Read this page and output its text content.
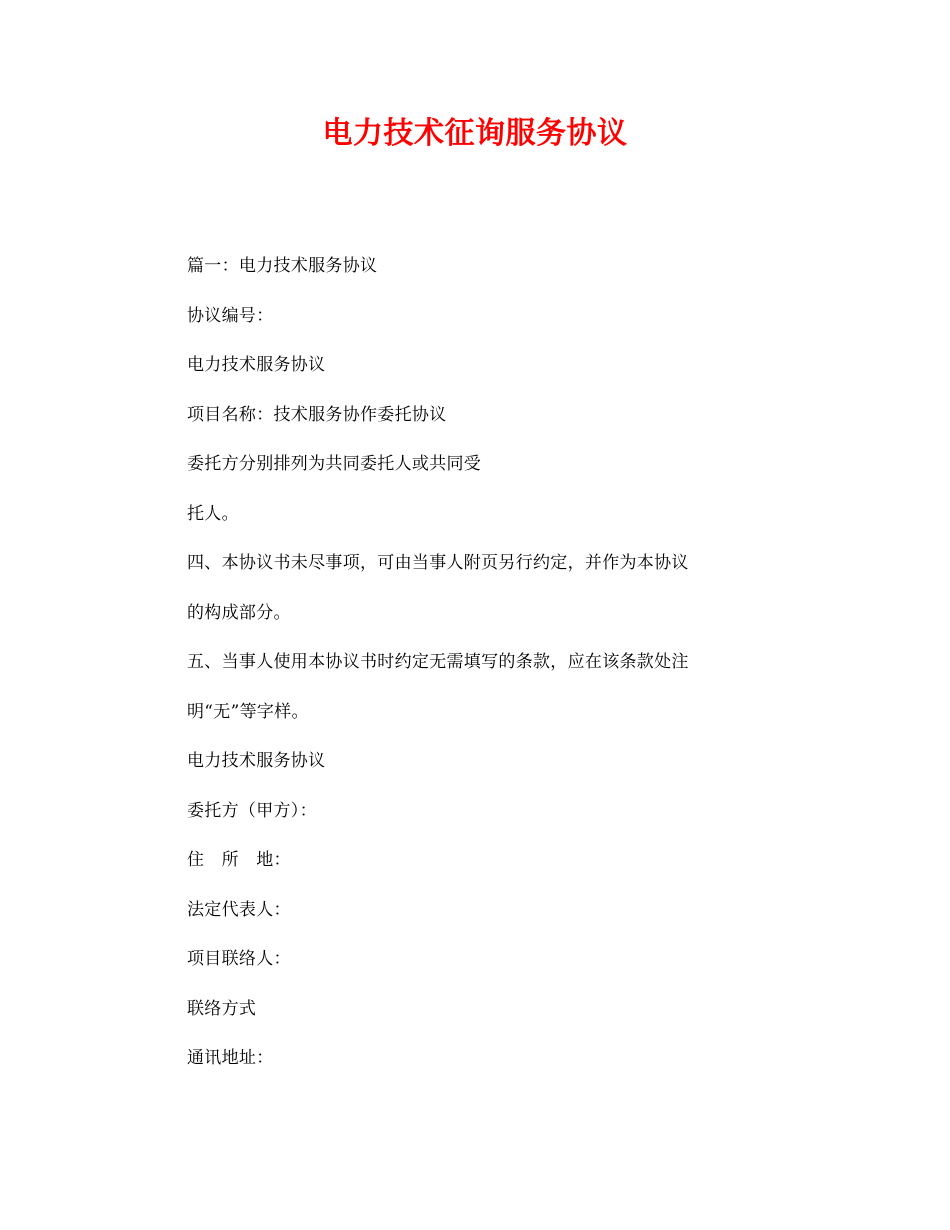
电力技术征询服务协议
篇一：电力技术服务协议
协议编号：
电力技术服务协议
项目名称：技术服务协作委托协议
委托方分别排列为共同委托人或共同受
托人。
四、本协议书未尽事项，可由当事人附页另行约定，并作为本协议
的构成部分。
五、当事人使用本协议书时约定无需填写的条款，应在该条款处注
明“无”等字样。
电力技术服务协议
委托方（甲方）：
住　所　地：
法定代表人：
项目联络人：
联络方式
通讯地址：
